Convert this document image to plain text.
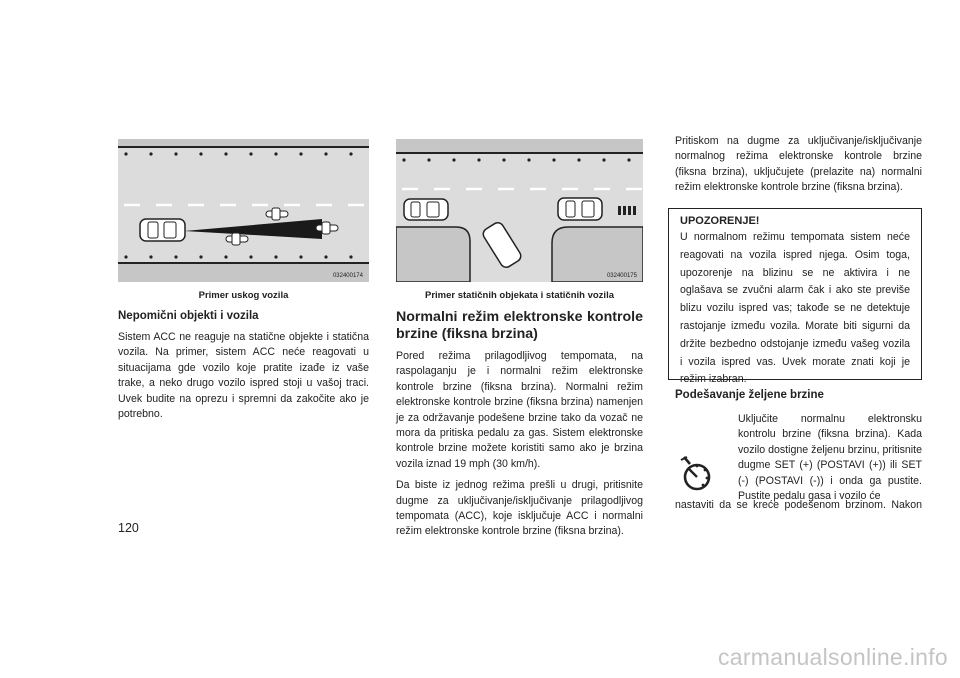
032400174
Primer uskog vozila
032400175
Primer statičnih objekata i statičnih vozila

Nepomični objekti i vozila

Sistem ACC ne reaguje na statične objekte i statična vozila. Na primer, sistem ACC neće reagovati u situacijama gde vozilo koje pratite izađe iz vaše trake, a neko drugo vozilo ispred stoji u vašoj traci. Uvek budite na oprezu i spremni da zakočite ako je potrebno.

Normalni režim elektronske kontrole brzine (fiksna brzina)

Pored režima prilagodljivog tempomata, na raspolaganju je i normalni režim elektronske kontrole brzine (fiksna brzina). Normalni režim elektronske kontrole brzine (fiksna brzina) namenjen je za održavanje podešene brzine tako da vozač ne mora da pritiska pedalu za gas. Sistem elektronske kontrole brzine možete koristiti samo ako je brzina vozila iznad 19 mph (30 km/h).

Da biste iz jednog režima prešli u drugi, pritisnite dugme za uključivanje/isključivanje prilagodljivog tempomata (ACC), koje isključuje ACC i normalni režim elektronske kontrole brzine (fiksna brzina).

Pritiskom na dugme za uključivanje/isključivanje normalnog režima elektronske kontrole brzine (fiksna brzina), uključujete (prelazite na) normalni režim elektronske kontrole brzine (fiksna brzina).

UPOZORENJE!

U normalnom režimu tempomata sistem neće reagovati na vozila ispred njega. Osim toga, upozorenje na blizinu se ne aktivira i ne oglašava se zvučni alarm čak i ako ste previše blizu vozilu ispred vas; takođe se ne detektuje rastojanje između vozila. Morate biti sigurni da držite bezbedno odstojanje između vašeg vozila i vozila ispred vas. Uvek morate znati koji je režim izabran.

Podešavanje željene brzine

Uključite normalnu elektronsku kontrolu brzine (fiksna brzina). Kada vozilo dostigne željenu brzinu, pritisnite dugme SET (+) (POSTAVI (+)) ili SET (-) (POSTAVI (-)) i onda ga pustite. Pustite pedalu gasa i vozilo će

nastaviti da se kreće podešenom brzinom. Nakon

120
carmanualsonline.info
